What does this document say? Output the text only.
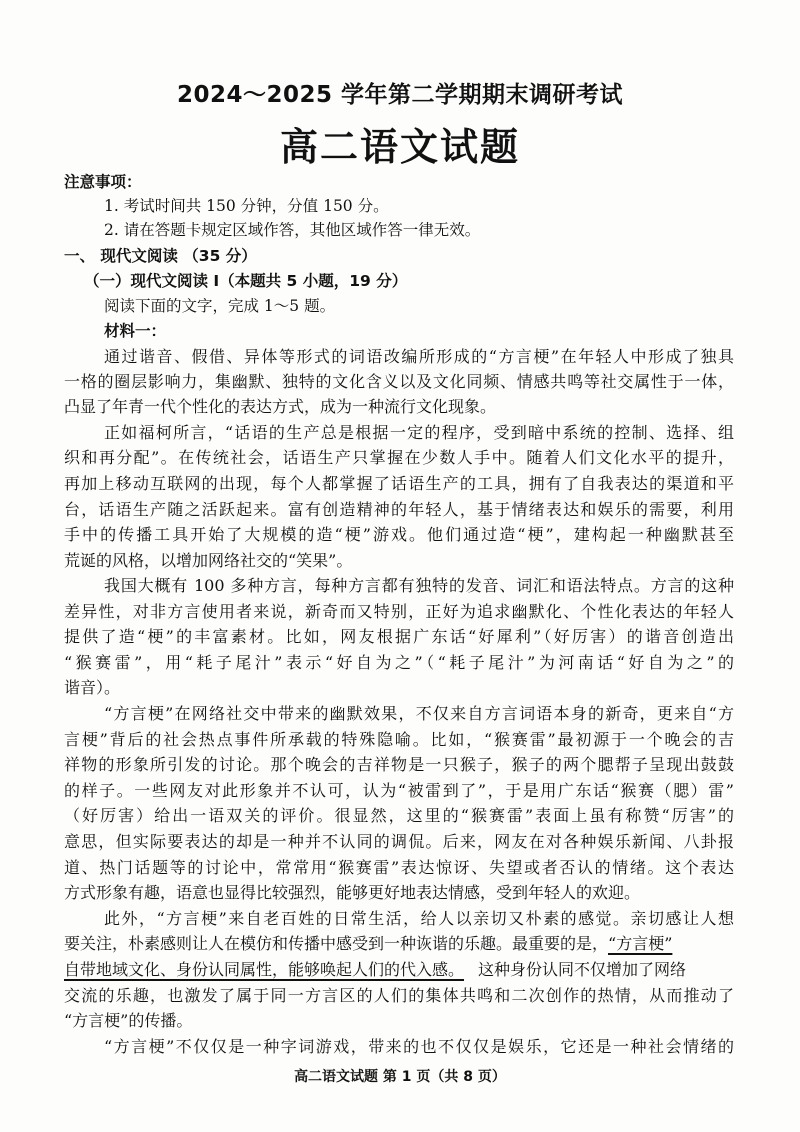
2024～2025 学年第二学期期末调研考试
高二语文试题
注意事项：
1. 考试时间共 150 分钟，分值 150 分。
2. 请在答题卡规定区域作答，其他区域作答一律无效。
一、 现代文阅读 （35 分）
（一）现代文阅读 I（本题共 5 小题，19 分）
阅读下面的文字，完成 1～5 题。
材料一：
通过谐音、假借、异体等形式的词语改编所形成的“方言梗”在年轻人中形成了独具
一格的圈层影响力，集幽默、独特的文化含义以及文化同频、情感共鸣等社交属性于一体，
凸显了年青一代个性化的表达方式，成为一种流行文化现象。
正如福柯所言，“话语的生产总是根据一定的程序，受到暗中系统的控制、选择、组
织和再分配”。在传统社会，话语生产只掌握在少数人手中。随着人们文化水平的提升，
再加上移动互联网的出现，每个人都掌握了话语生产的工具，拥有了自我表达的渠道和平
台，话语生产随之活跃起来。富有创造精神的年轻人，基于情绪表达和娱乐的需要，利用
手中的传播工具开始了大规模的造“梗”游戏。他们通过造“梗”，建构起一种幽默甚至
荒诞的风格，以增加网络社交的“笑果”。
我国大概有 100 多种方言，每种方言都有独特的发音、词汇和语法特点。方言的这种
差异性，对非方言使用者来说，新奇而又特别，正好为追求幽默化、个性化表达的年轻人
提供了造“梗”的丰富素材。比如，网友根据广东话“好犀利”（好厉害）的谐音创造出
“猴赛雷”，用“耗子尾汁”表示“好自为之”（“耗子尾汁”为河南话“好自为之”的
谐音）。
“方言梗”在网络社交中带来的幽默效果，不仅来自方言词语本身的新奇，更来自“方
言梗”背后的社会热点事件所承载的特殊隐喻。比如，“猴赛雷”最初源于一个晚会的吉
祥物的形象所引发的讨论。那个晚会的吉祥物是一只猴子，猴子的两个腮帮子呈现出鼓鼓
的样子。一些网友对此形象并不认可，认为“被雷到了”，于是用广东话“猴赛（腮）雷”
（好厉害）给出一语双关的评价。很显然，这里的“猴赛雷”表面上虽有称赞“厉害”的
意思，但实际要表达的却是一种并不认同的调侃。后来，网友在对各种娱乐新闻、八卦报
道、热门话题等的讨论中，常常用“猴赛雷”表达惊讶、失望或者否认的情绪。这个表达
方式形象有趣，语意也显得比较强烈，能够更好地表达情感，受到年轻人的欢迎。
此外，“方言梗”来自老百姓的日常生活，给人以亲切又朴素的感觉。亲切感让人想
要关注，朴素感则让人在模仿和传播中感受到一种诙谐的乐趣。最重要的是，“方言梗”
自带地域文化、身份认同属性，能够唤起人们的代入感。 这种身份认同不仅增加了网络
交流的乐趣，也激发了属于同一方言区的人们的集体共鸣和二次创作的热情，从而推动了
“方言梗”的传播。
“方言梗”不仅仅是一种字词游戏，带来的也不仅仅是娱乐，它还是一种社会情绪的
高二语文试题 第 1 页（共 8 页）
